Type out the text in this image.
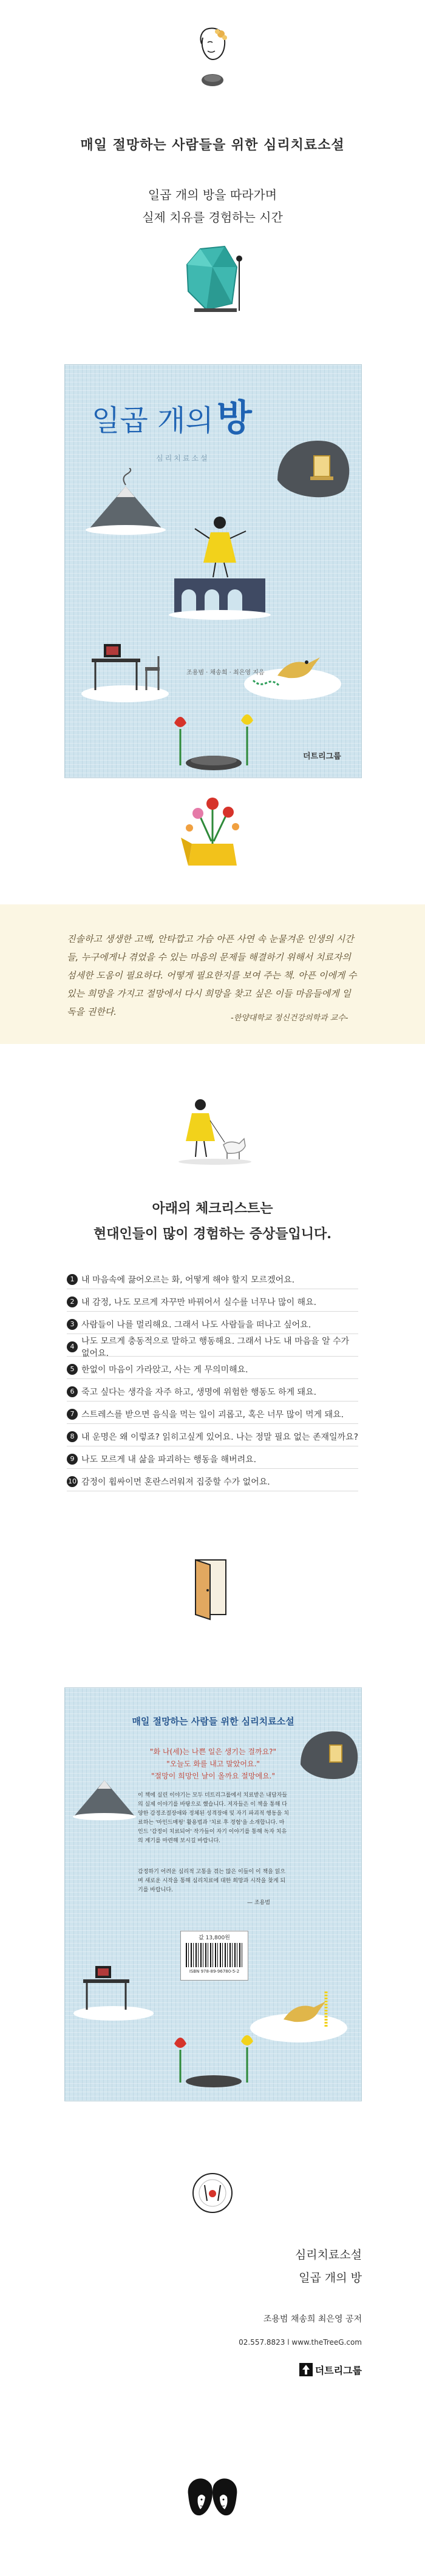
매일 절망하는 사람들을 위한 심리치료소설
일곱 개의 방을 따라가며
실제 치유를 경험하는 시간
일곱 개의 방
심리치료소설
조용범 · 채송희 · 최은영 지음
더트리그룹
진솔하고 생생한 고백, 안타깝고 가슴 아픈 사연 속 눈물겨운 인생의 시간들, 누구에게나 겪었을 수 있는 마음의 문제들 해결하기 위해서 치료자의 섬세한 도움이 필요하다. 어떻게 필요한지를 보여 주는 책. 아픈 이에게 수 있는 희망을 가지고 절망에서 다시 희망을 찾고 싶은 이들 마음들에게 일독을 권한다.
-한양대학교 정신건강의학과 교수-
아래의 체크리스트는
현대인들이 많이 경험하는 증상들입니다.
1 내 마음속에 끓어오르는 화, 어떻게 해야 할지 모르겠어요.
2 내 감정, 나도 모르게 자꾸만 바꿔어서 실수를 너무나 많이 해요.
3 사람들이 나를 멀리해요. 그래서 나도 사람들을 떠나고 싶어요.
4
나도 모르게 충동적으로 말하고 행동해요. 그래서 나도 내 마음을 알 수가 없어요.
5 한없이 마음이 가라앉고, 사는 게 무의미해요.
6 죽고 싶다는 생각을 자주 하고, 생명에 위험한 행동도 하게 돼요.
7 스트레스를 받으면 음식을 먹는 일이 괴롭고, 혹은 너무 많이 먹게 돼요.
8 내 운명은 왜 이렇죠? 읽히고싶게 있어요. 나는 정말 필요 없는 존재일까요?
9 나도 모르게 내 삶을 파괴하는 행동을 해버려요.
10 감정이 휩싸이면 혼란스러워져 집중할 수가 없어요.
매일 절망하는 사람들 위한 심리치료소설
"화 나(세)는 나쁜 일은 생기는 걸까요?"
"오늘도 화를 내고 말았어요."
"절망이 희망인 날이 올까요 절망에요."
이 책에 실린 이야기는 모두 더트리그룹에서 치료받은 내담자들의 실제 이야기를 바탕으로 했습니다. 저자들은 이 책을 통해 다양한 감정조절장애와 정체된 성격장애 및 자기 파괴적 행동을 치료하는 '마인드매핑' 활용법과 '치료 후 경험'을 소개합니다. 마인드 '감정이 치료되어' 작가들이 자기 이야기를 통해 독자 치유의 계기를 마련해 보시길 바랍니다.
감정하기 어려운 심리적 고통을 겪는 많은 이들이 이 책을 읽으며 새로운 시작을 통해 심리치료에 대한 희망과 시작을 찾게 되기를 바랍니다.
— 조용범
값 13,800원
ISBN 978-89-96780-5-2
심리치료소설
일곱 개의 방
조용범 채송희 최은영 공저
02.557.8823 l www.theTreeG.com
더트리그룹
